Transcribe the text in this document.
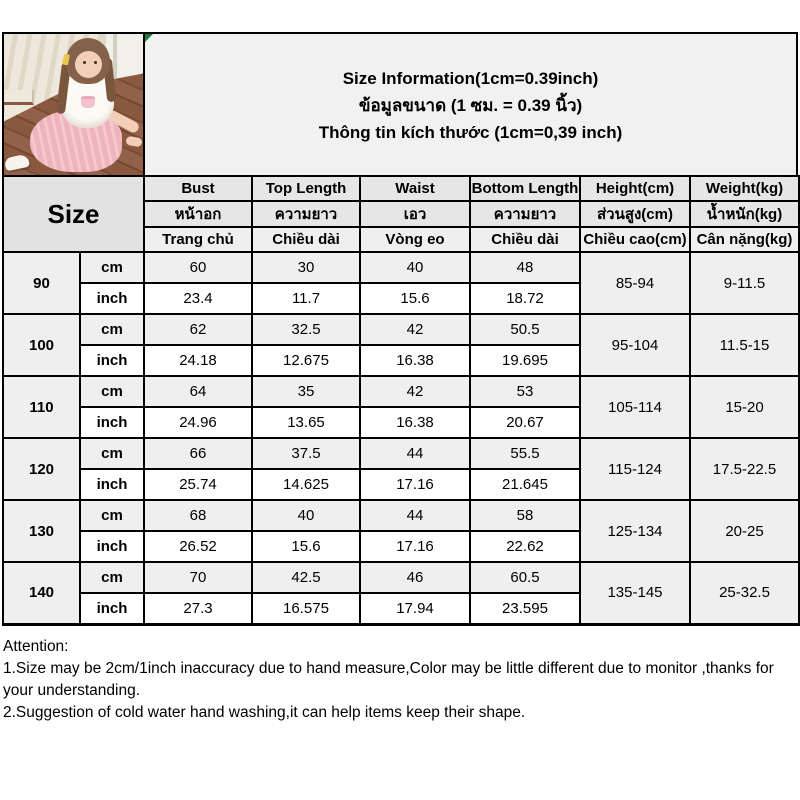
Size Information(1cm=0.39inch)
ข้อมูลขนาด (1 ซม. = 0.39 นิ้ว)
Thông tin kích thước (1cm=0,39 inch)
Size		Bust	Top Length	Waist	Bottom Length	Height(cm)	Weight(kg)
		หน้าอก	ความยาว	เอว	ความยาว	ส่วนสูง(cm)	น้ำหนัก(kg)
		Trang chủ	Chiều dài	Vòng eo	Chiều dài	Chiều cao(cm)	Cân nặng(kg)
90	cm	60	30	40	48	85-94	9-11.5
	inch	23.4	11.7	15.6	18.72		
100	cm	62	32.5	42	50.5	95-104	11.5-15
	inch	24.18	12.675	16.38	19.695		
110	cm	64	35	42	53	105-114	15-20
	inch	24.96	13.65	16.38	20.67		
120	cm	66	37.5	44	55.5	115-124	17.5-22.5
	inch	25.74	14.625	17.16	21.645		
130	cm	68	40	44	58	125-134	20-25
	inch	26.52	15.6	17.16	22.62		
140	cm	70	42.5	46	60.5	135-145	25-32.5
	inch	27.3	16.575	17.94	23.595		
Attention:
1.Size may be 2cm/1inch inaccuracy due to hand measure,Color may be little different due to monitor ,thanks for your understanding.
2.Suggestion of cold water hand washing,it can help items keep their shape.
